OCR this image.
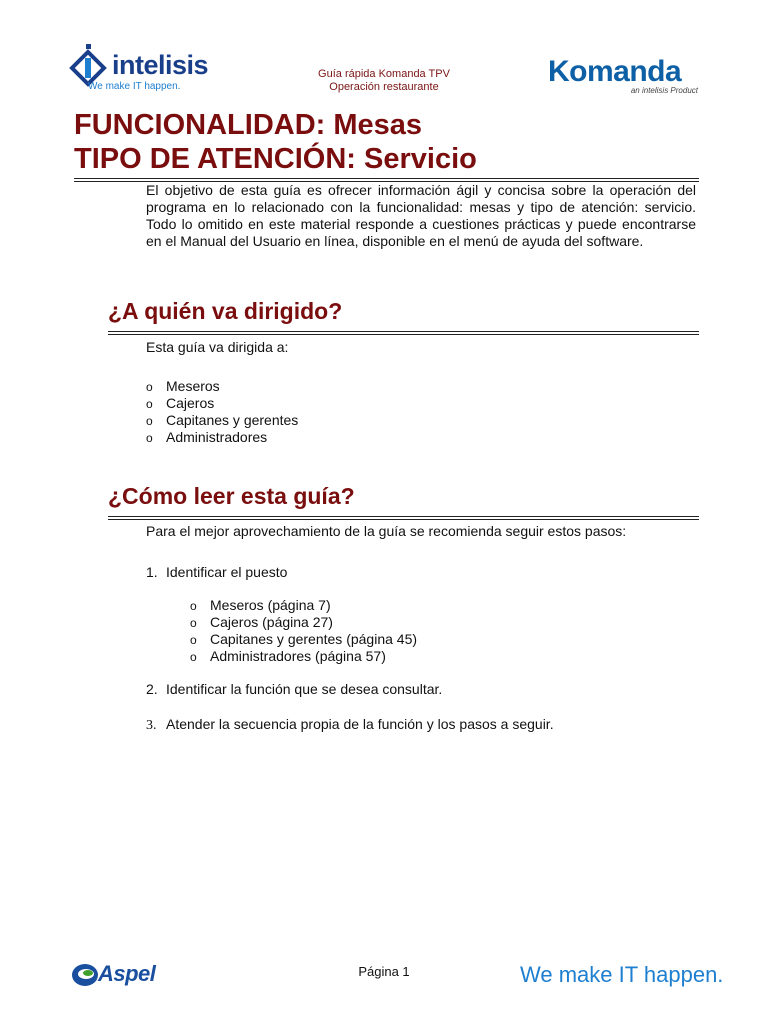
intelisis
We make IT happen.
Guía rápida Komanda TPV
Operación restaurante	Komanda
an intelisis Product
FUNCIONALIDAD: Mesas
TIPO DE ATENCIÓN: Servicio
El objetivo de esta guía es ofrecer información ágil y concisa sobre la operación del programa en lo relacionado con la funcionalidad: mesas y tipo de atención: servicio. Todo lo omitido en este material responde a cuestiones prácticas y puede encontrarse en el Manual del Usuario en línea, disponible en el menú de ayuda del software.
¿A quién va dirigido?
Esta guía va dirigida a:
o Meseros
o Cajeros
o Capitanes y gerentes
o Administradores
¿Cómo leer esta guía?
Para el mejor aprovechamiento de la guía se recomienda seguir estos pasos:
1. Identificar el puesto
o Meseros (página 7)
o Cajeros (página 27)
o Capitanes y gerentes (página 45)
o Administradores (página 57)
2. Identificar la función que se desea consultar.
3. Atender la secuencia propia de la función y los pasos a seguir.
Aspel	Página 1	We make IT happen.
